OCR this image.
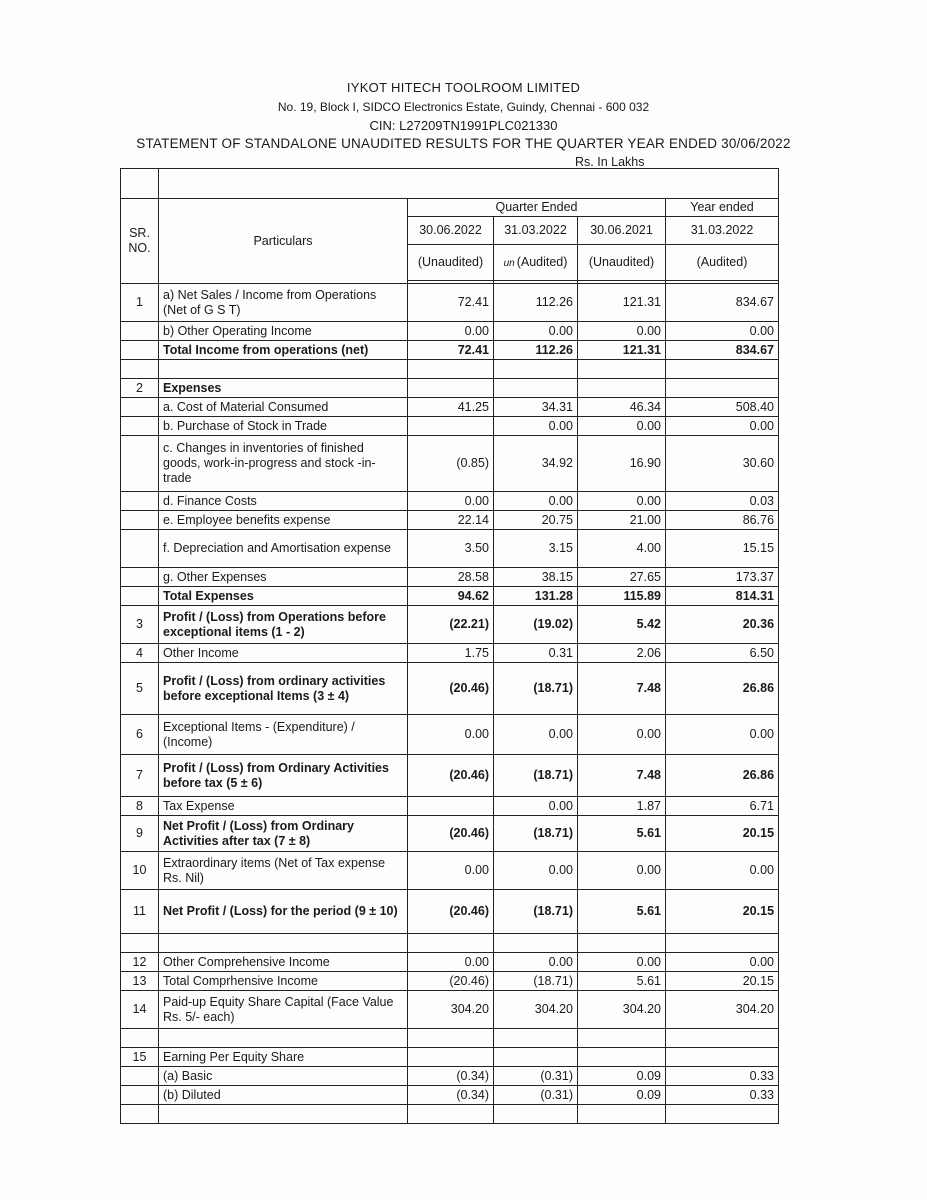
IYKOT HITECH TOOLROOM LIMITED
No. 19, Block I, SIDCO Electronics Estate, Guindy, Chennai - 600 032
CIN: L27209TN1991PLC021330
STATEMENT OF STANDALONE UNAUDITED RESULTS FOR THE QUARTER YEAR ENDED 30/06/2022
Rs. In Lakhs

SR. NO.	Particulars	Quarter Ended			Year ended
		30.06.2022	31.03.2022	30.06.2021	31.03.2022
		(Unaudited)	un (Audited)	(Unaudited)	(Audited)

1	a) Net Sales / Income from Operations (Net of G S T)	72.41	112.26	121.31	834.67
	b) Other Operating Income	0.00	0.00	0.00	0.00
	Total Income from operations (net)	72.41	112.26	121.31	834.67

2	Expenses				
	a. Cost of Material Consumed	41.25	34.31	46.34	508.40
	b. Purchase of Stock in Trade		0.00	0.00	0.00
	c. Changes in inventories of finished goods, work-in-progress and stock -in-trade	(0.85)	34.92	16.90	30.60
	d. Finance Costs	0.00	0.00	0.00	0.03
	e. Employee benefits expense	22.14	20.75	21.00	86.76
	f. Depreciation and Amortisation expense	3.50	3.15	4.00	15.15
	g. Other Expenses	28.58	38.15	27.65	173.37
	Total Expenses	94.62	131.28	115.89	814.31
3	Profit / (Loss) from Operations before exceptional items (1 - 2)	(22.21)	(19.02)	5.42	20.36
4	Other Income	1.75	0.31	2.06	6.50
5	Profit / (Loss) from ordinary activities before exceptional Items (3 ± 4)	(20.46)	(18.71)	7.48	26.86
6	Exceptional Items - (Expenditure) / (Income)	0.00	0.00	0.00	0.00
7	Profit / (Loss) from Ordinary Activities before tax (5 ± 6)	(20.46)	(18.71)	7.48	26.86
8	Tax Expense		0.00	1.87	6.71
9	Net Profit / (Loss) from Ordinary Activities after tax (7 ± 8)	(20.46)	(18.71)	5.61	20.15
10	Extraordinary items (Net of Tax expense Rs. Nil)	0.00	0.00	0.00	0.00
11	Net Profit / (Loss) for the period (9 ± 10)	(20.46)	(18.71)	5.61	20.15

12	Other Comprehensive Income	0.00	0.00	0.00	0.00
13	Total Comprhensive Income	(20.46)	(18.71)	5.61	20.15
14	Paid-up Equity Share Capital (Face Value Rs. 5/- each)	304.20	304.20	304.20	304.20

15	Earning Per Equity Share				
	(a) Basic	(0.34)	(0.31)	0.09	0.33
	(b) Diluted	(0.34)	(0.31)	0.09	0.33
